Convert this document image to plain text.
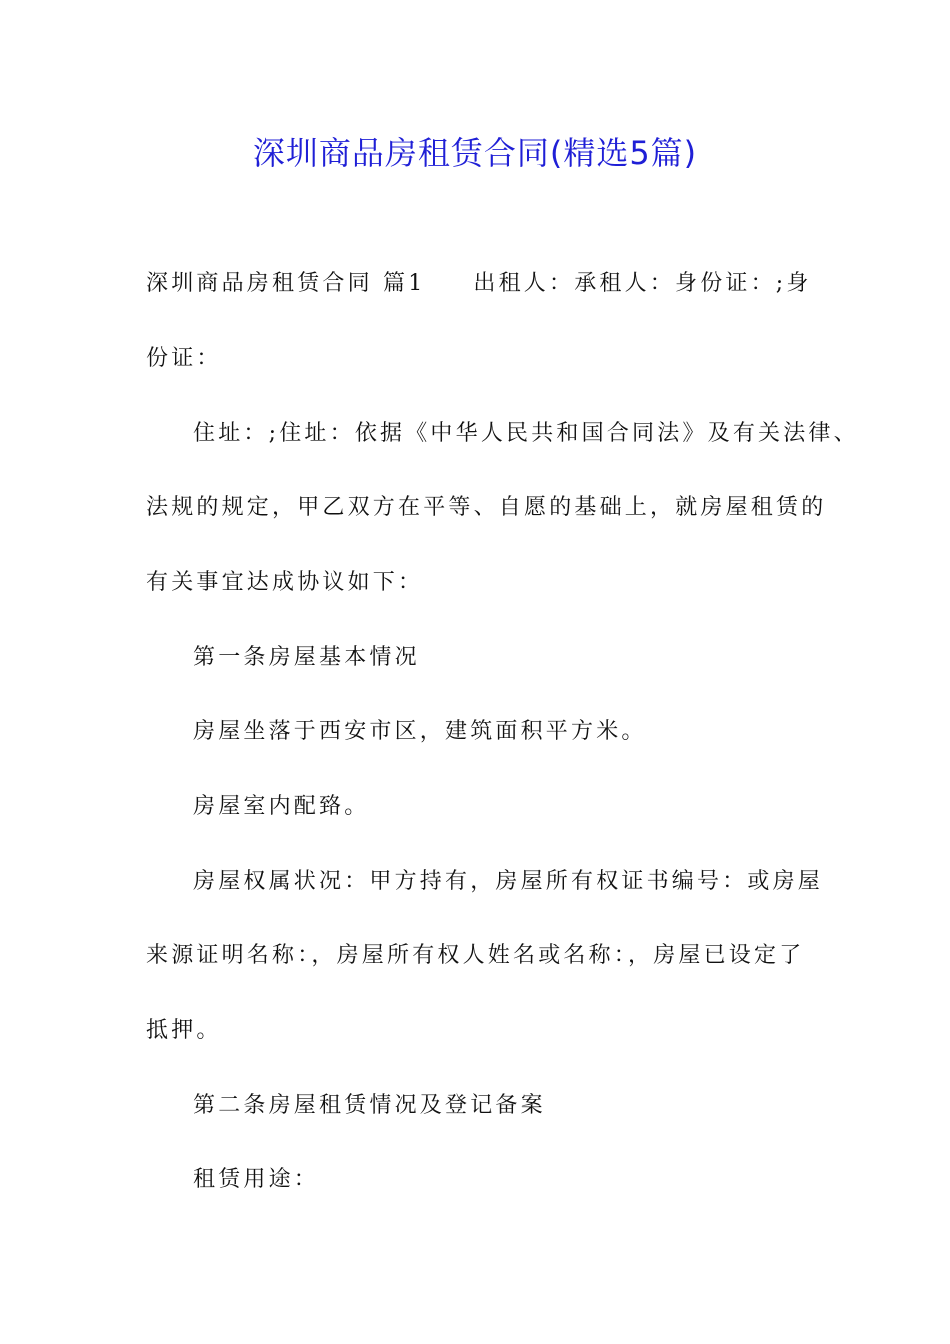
深圳商品房租赁合同(精选5篇)
深圳商品房租赁合同 篇1 出租人：承租人：身份证：;身
份证：
住址：;住址：依据《中华人民共和国合同法》及有关法律、
法规的规定，甲乙双方在平等、自愿的基础上，就房屋租赁的
有关事宜达成协议如下：
第一条房屋基本情况
房屋坐落于西安市区，建筑面积平方米。
房屋室内配臵。
房屋权属状况：甲方持有，房屋所有权证书编号：或房屋
来源证明名称：，房屋所有权人姓名或名称：，房屋已设定了
抵押。
第二条房屋租赁情况及登记备案
租赁用途：
